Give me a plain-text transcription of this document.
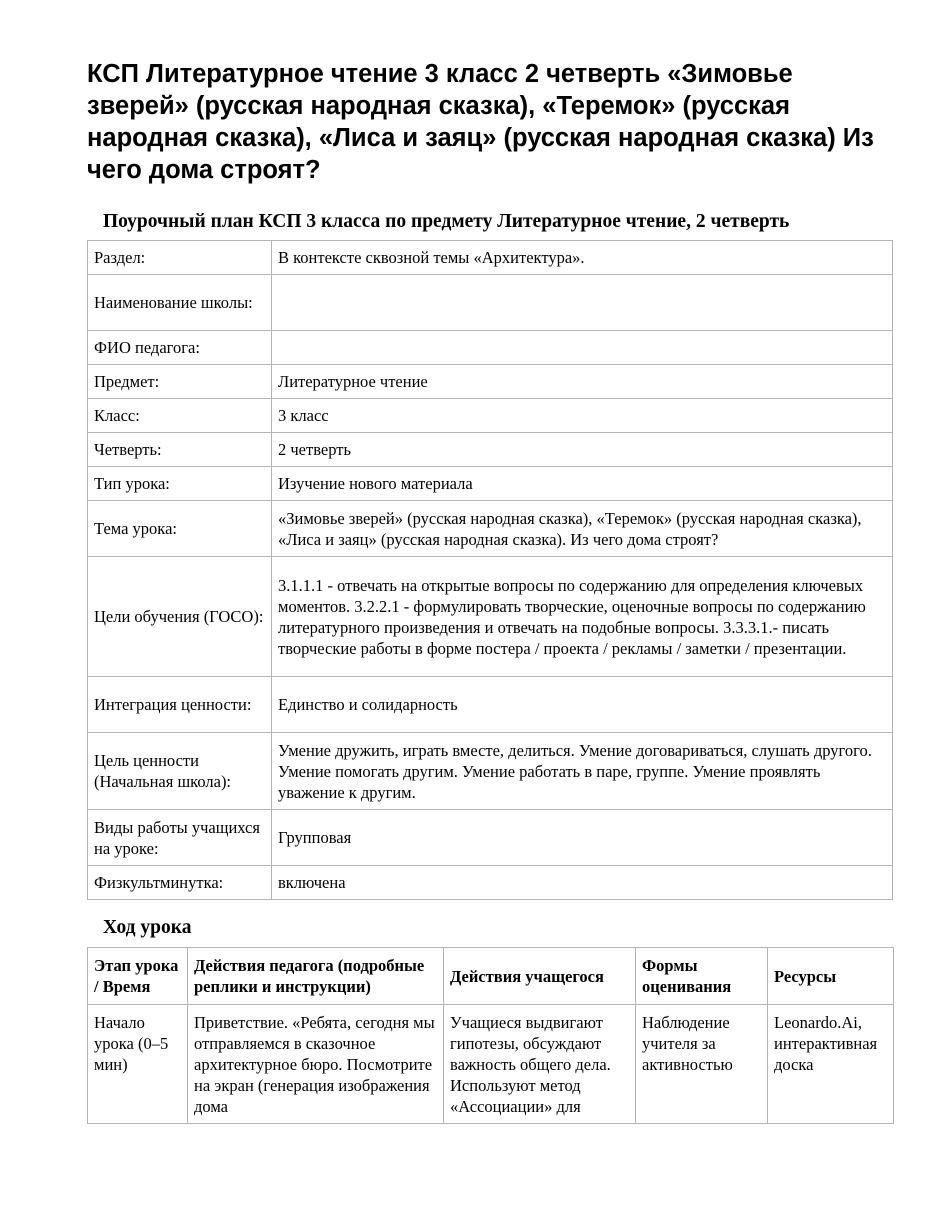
КСП Литературное чтение 3 класс 2 четверть «Зимовье зверей» (русская народная сказка), «Теремок» (русская народная сказка), «Лиса и заяц» (русская народная сказка) Из чего дома строят?
Поурочный план КСП 3 класса по предмету Литературное чтение, 2 четверть
Раздел:	В контексте сквозной темы «Архитектура».
Наименование школы:	
ФИО педагога:	
Предмет:	Литературное чтение
Класс:	3 класс
Четверть:	2 четверть
Тип урока:	Изучение нового материала
Тема урока:	«Зимовье зверей» (русская народная сказка), «Теремок» (русская народная сказка), «Лиса и заяц» (русская народная сказка). Из чего дома строят?
Цели обучения (ГОСО):	3.1.1.1 - отвечать на открытые вопросы по содержанию для определения ключевых моментов. 3.2.2.1 - формулировать творческие, оценочные вопросы по содержанию литературного произведения и отвечать на подобные вопросы. 3.3.3.1.- писать творческие работы в форме постера / проекта / рекламы / заметки / презентации.
Интеграция ценности:	Единство и солидарность
Цель ценности (Начальная школа):	Умение дружить, играть вместе, делиться. Умение договариваться, слушать другого. Умение помогать другим. Умение работать в паре, группе. Умение проявлять уважение к другим.
Виды работы учащихся на уроке:	Групповая
Физкультминутка:	включена
Ход урока
Этап урока / Время	Действия педагога (подробные реплики и инструкции)	Действия учащегося	Формы оценивания	Ресурсы

Начало урока (0–5 мин)	Приветствие. «Ребята, сегодня мы отправляемся в сказочное архитектурное бюро. Посмотрите на экран (генерация изображения дома	Учащиеся выдвигают гипотезы, обсуждают важность общего дела. Используют метод «Ассоциации» для	Наблюдение учителя за активностью	Leonardo.Ai, интерактивная доска
